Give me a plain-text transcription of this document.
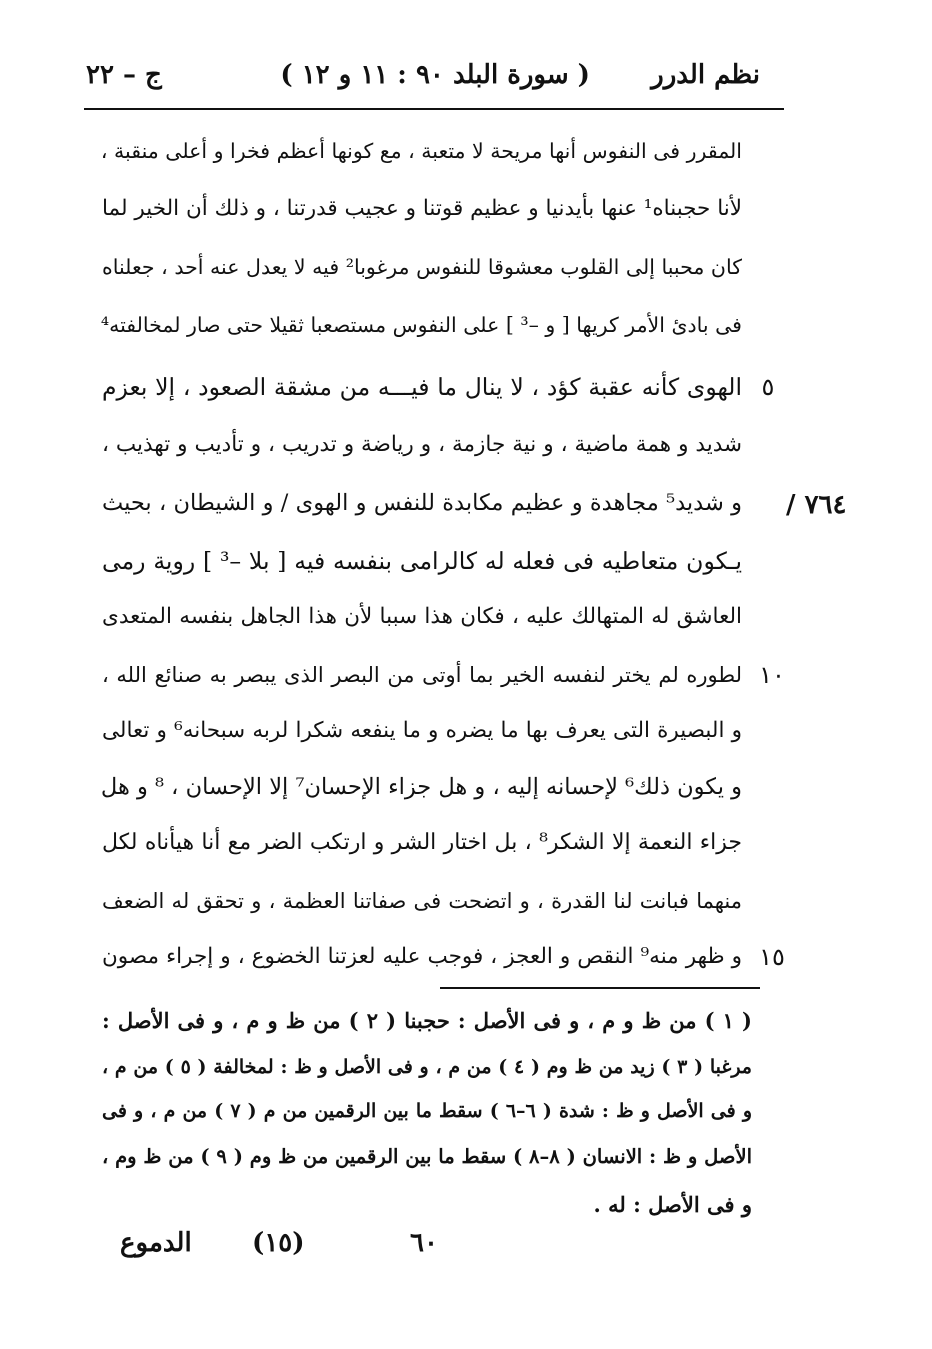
نظم الدرر
( سورة البلد ٩٠ : ١١ و ١٢ )
ج – ٢٢
المقرر فى النفوس أنها مريحة لا متعبة ، مع كونها أعظم فخرا و أعلى منقبة ،
لأنا حجبناه¹ عنها بأيدنيا و عظيم قوتنا و عجيب قدرتنا ، و ذلك أن الخير لما
كان محببا إلى القلوب معشوقا للنفوس مرغوبا² فيه لا يعدل عنه أحد ، جعلناه
فى بادئ الأمر كريها [ و –³ ] على النفوس مستصعبا ثقيلا حتى صار لمخالفته⁴
الهوى كأنه عقبة كؤد ، لا ينال ما فيـــه من مشقة الصعود ، إلا بعزم
شديد و همة ماضية ، و نية جازمة ، و رياضة و تدريب ، و تأديب و تهذيب ،
و شديد⁵ مجاهدة و عظيم مكابدة للنفس و الهوى / و الشيطان ، بحيث
يـكون متعاطيه فى فعله له كالرامى بنفسه فيه [ بلا –³ ] روية رمى
العاشق له المتهالك عليه ، فكان هذا سببا لأن هذا الجاهل بنفسه المتعدى
لطوره لم يختر لنفسه الخير بما أوتى من البصر الذى يبصر به صنائع الله ،
و البصيرة التى يعرف بها ما يضره و ما ينفعه شكرا لربه سبحانه⁶ و تعالى
و يكون ذلك⁶ لإحسانه إليه ، و هل جزاء الإحسان⁷ إلا الإحسان ، ⁸ و هل
جزاء النعمة إلا الشكر⁸ ، بل اختار الشر و ارتكب الضر مع أنا هيأناه لكل
منهما فبانت لنا القدرة ، و اتضحت فى صفاتنا العظمة ، و تحقق له الضعف
و ظهر منه⁹ النقص و العجز ، فوجب عليه لعزتنا الخضوع ، و إجراء مصون
٥
١٠
١٥
٧٦٤ /
( ١ ) من ظ و م ، و فى الأصل : حجبنا ( ٢ ) من ظ و م ، و فى الأصل :
مرغبا ( ٣ ) زيد من ظ وم ( ٤ ) من م ، و فى الأصل و ظ : لمخالفة ( ٥ ) من م ،
و فى الأصل و ظ : شدة ( ٦–٦ ) سقط ما بين الرقمين من م ( ٧ ) من م ، و فى
الأصل و ظ : الانسان ( ٨–٨ ) سقط ما بين الرقمين من ظ وم ( ٩ ) من ظ وم ،
و فى الأصل : له .
الدموع (١٥)	٦٠
